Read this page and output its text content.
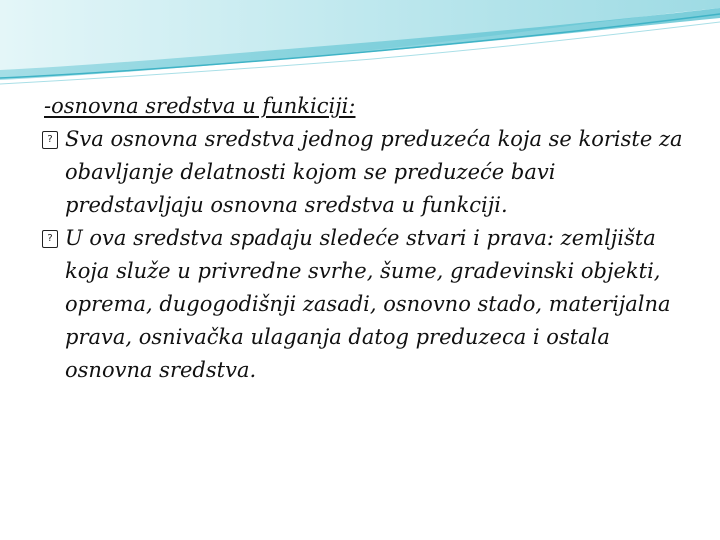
-osnovna sredstva u funkiciji:

? Sva osnovna sredstva jednog preduzeća koja se koriste za obavljanje delatnosti kojom se preduzeće bavi predstavljaju osnovna sredstva u funkciji.

? U ova sredstva spadaju sledeće stvari i prava: zemljišta koja služe u privredne svrhe, šume, gradevinski objekti, oprema, dugogodišnji zasadi, osnovno stado, materijalna prava, osnivačka ulaganja datog preduzeca i ostala osnovna sredstva.
